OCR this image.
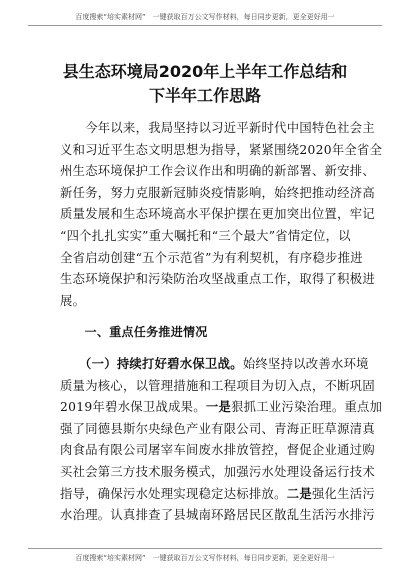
百度搜索“培实素材网”　一键获取百万公文写作材料，每日同步更新，更全更好用一
县生态环境局2020年上半年工作总结和
下半年工作思路
　　今年以来，我局坚持以习近平新时代中国特色社会主
义和习近平生态文明思想为指导，紧紧围绕2020年全省全
州生态环境保护工作会议作出和明确的新部署、新安排、
新任务，努力克服新冠肺炎疫情影响，始终把推动经济高
质量发展和生态环境高水平保护摆在更加突出位置，牢记
“四个扎扎实实”重大嘱托和“三个最大”省情定位，以
全省启动创建“五个示范省”为有利契机，有序稳步推进
生态环境保护和污染防治攻坚战重点工作，取得了积极进
展。
　　一、重点任务推进情况
　　（一）持续打好碧水保卫战。始终坚持以改善水环境
质量为核心，以管理措施和工程项目为切入点，不断巩固
2019年碧水保卫战成果。一是狠抓工业污染治理。重点加
强了同德县斯尔央绿色产业有限公司、青海正旺草源清真
肉食品有限公司屠宰车间废水排放管控，督促企业通过购
买社会第三方技术服务模式，加强污水处理设备运行技术
指导，确保污水处理实现稳定达标排放。二是强化生活污
水治理。认真排查了县城南环路居民区散乱生活污水排污
百度搜索“培实素材网”　一键获取百万公文写作材料，每日同步更新，更全更好用一
